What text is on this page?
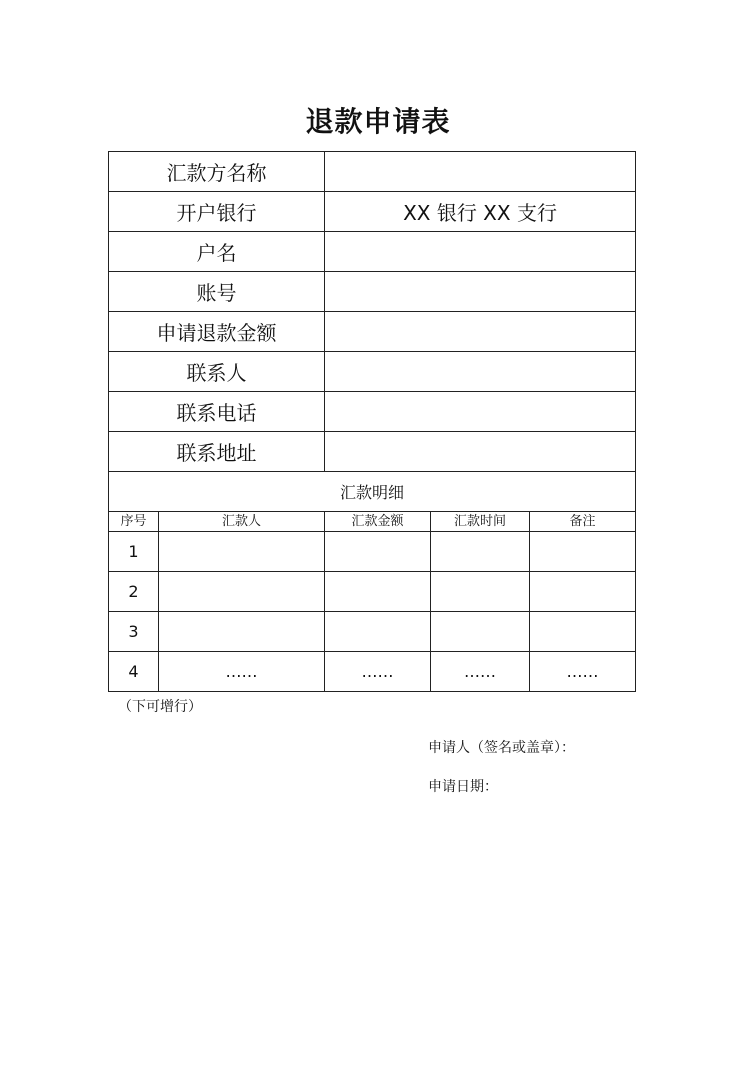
退款申请表
汇款方名称				
开户银行		XX 银行 XX 支行		
户名				
账号				
申请退款金额				
联系人				
联系电话				
联系地址				
汇款明细				
序号	汇款人	汇款金额	汇款时间	备注
1				
2				
3				
4	……	……	……	……
（下可增行）
申请人（签名或盖章）：
申请日期：
